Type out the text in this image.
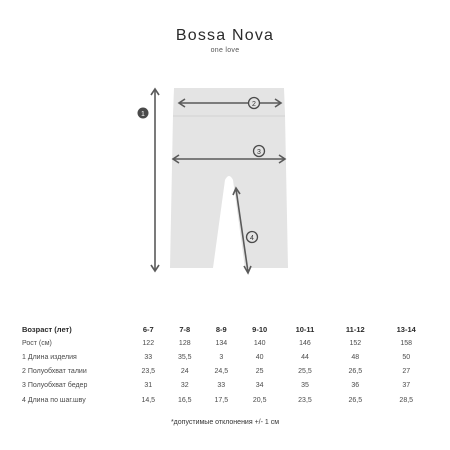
Bossa Nova
one love
1
2
3
4
Возраст (лет)	6-7	7-8	8-9	9-10	10-11	11-12	13-14
Рост (см)	122	128	134	140	146	152	158
1 Длина изделия	33	35,5	3	40	44	48	50
2 Полуобхват талии	23,5	24	24,5	25	25,5	26,5	27
3 Полуобхват бедер	31	32	33	34	35	36	37
4 Длина по шаг.шву	14,5	16,5	17,5	20,5	23,5	26,5	28,5
*допустимые отклонения +/- 1 см
